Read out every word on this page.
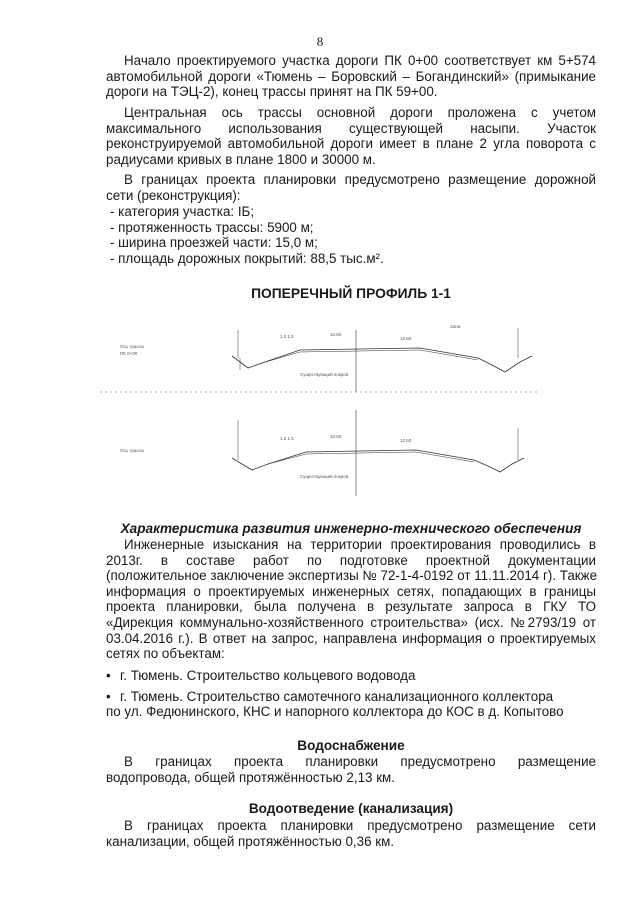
8
Начало проектируемого участка дороги ПК 0+00 соответствует км 5+574
автомобильной дороги «Тюмень – Боровский – Богандинский» (примыкание
дороги на ТЭЦ-2), конец трассы принят на ПК 59+00.
Центральная ось трассы основной дороги проложена с учетом
максимального использования существующей насыпи. Участок
реконструируемой автомобильной дороги имеет в плане 2 угла поворота с
радиусами кривых в плане 1800 и 30000 м.
В границах проекта планировки предусмотрено размещение дорожной
сети (реконструкция):
- категория участка: IБ;
- протяженность трассы: 5900 м;
- ширина проезжей части: 15,0 м;
- площадь дорожных покрытий: 88,5 тыс.м².
ПОПЕРЕЧНЫЙ ПРОФИЛЬ 1-1
Ось трассы
ПК 0+00
1.2 1.5	10.60
12.50
Зона
Ось трассы
1.2 1.5	10.60
12.50
Существующий покров
Существующий покров
Характеристика развития инженерно-технического обеспечения
Инженерные изыскания на территории проектирования проводились в
2013г. в составе работ по подготовке проектной документации
(положительное заключение экспертизы № 72-1-4-0192 от 11.11.2014 г). Также
информация о проектируемых инженерных сетях, попадающих в границы
проекта планировки, была получена в результате запроса в ГКУ ТО
«Дирекция коммунально-хозяйственного строительства» (исх. №2793/19 от
03.04.2016 г.). В ответ на запрос, направлена информация о проектируемых
сетях по объектам:
• г. Тюмень. Строительство кольцевого водовода
• г. Тюмень. Строительство самотечного канализационного коллектора
по ул. Федюнинского, КНС и напорного коллектора до КОС в д. Копытово
Водоснабжение
В границах проекта планировки предусмотрено размещение
водопровода, общей протяжённостью 2,13 км.
Водоотведение (канализация)
В границах проекта планировки предусмотрено размещение сети
канализации, общей протяжённостью 0,36 км.
